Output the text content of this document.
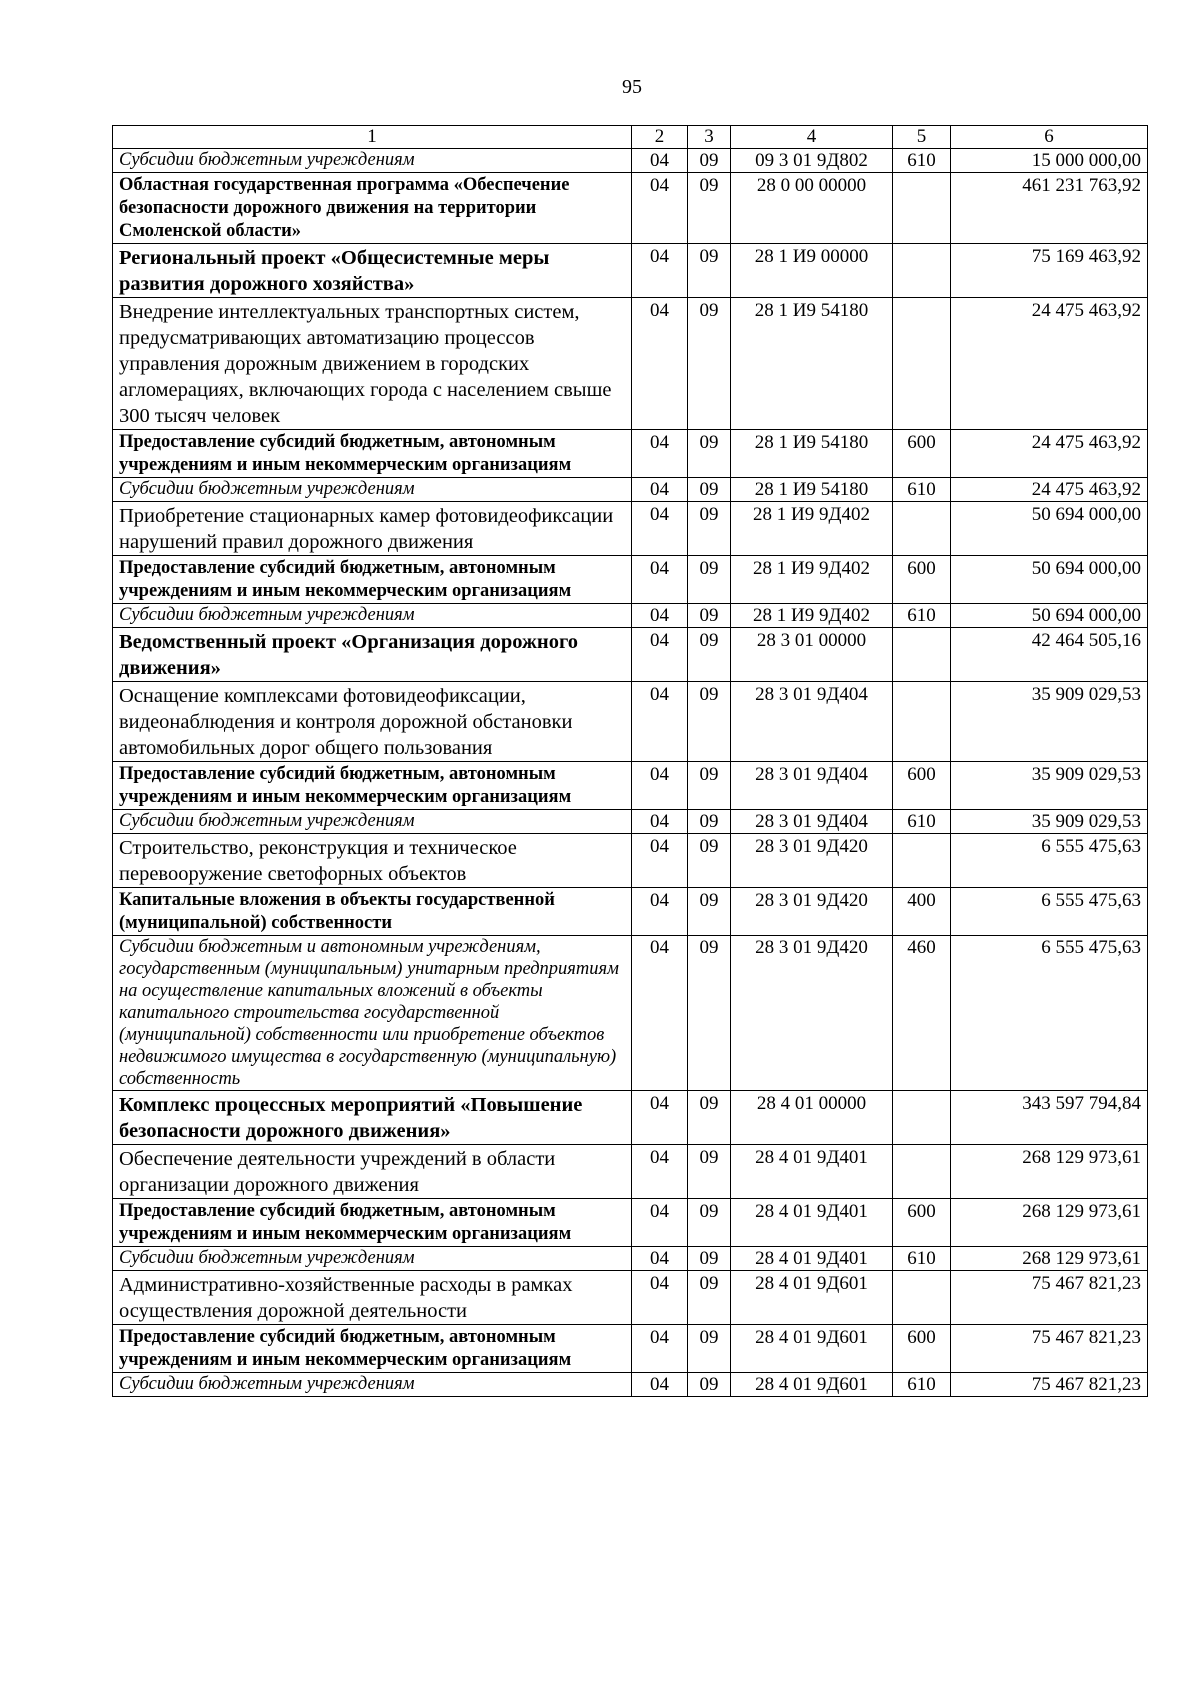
95
1	2	3	4	5	6
Субсидии бюджетным учреждениям	04	09	09 3 01 9Д802	610	15 000 000,00
Областная государственная программа «Обеспечение безопасности дорожного движения на территории Смоленской области»	04	09	28 0 00 00000		461 231 763,92
Региональный проект «Общесистемные меры развития дорожного хозяйства»	04	09	28 1 И9 00000		75 169 463,92
Внедрение интеллектуальных транспортных систем, предусматривающих автоматизацию процессов управления дорожным движением в городских агломерациях, включающих города с населением свыше 300 тысяч человек	04	09	28 1 И9 54180		24 475 463,92
Предоставление субсидий бюджетным, автономным учреждениям и иным некоммерческим организациям	04	09	28 1 И9 54180	600	24 475 463,92
Субсидии бюджетным учреждениям	04	09	28 1 И9 54180	610	24 475 463,92
Приобретение стационарных камер фотовидеофиксации нарушений правил дорожного движения	04	09	28 1 И9 9Д402		50 694 000,00
Предоставление субсидий бюджетным, автономным учреждениям и иным некоммерческим организациям	04	09	28 1 И9 9Д402	600	50 694 000,00
Субсидии бюджетным учреждениям	04	09	28 1 И9 9Д402	610	50 694 000,00
Ведомственный проект «Организация дорожного движения»	04	09	28 3 01 00000		42 464 505,16
Оснащение комплексами фотовидеофиксации, видеонаблюдения и контроля дорожной обстановки автомобильных дорог общего пользования	04	09	28 3 01 9Д404		35 909 029,53
Предоставление субсидий бюджетным, автономным учреждениям и иным некоммерческим организациям	04	09	28 3 01 9Д404	600	35 909 029,53
Субсидии бюджетным учреждениям	04	09	28 3 01 9Д404	610	35 909 029,53
Строительство, реконструкция и техническое перевооружение светофорных объектов	04	09	28 3 01 9Д420		6 555 475,63
Капитальные вложения в объекты государственной (муниципальной) собственности	04	09	28 3 01 9Д420	400	6 555 475,63
Субсидии бюджетным и автономным учреждениям, государственным (муниципальным) унитарным предприятиям на осуществление капитальных вложений в объекты капитального строительства государственной (муниципальной) собственности или приобретение объектов недвижимого имущества в государственную (муниципальную) собственность	04	09	28 3 01 9Д420	460	6 555 475,63
Комплекс процессных мероприятий «Повышение безопасности дорожного движения»	04	09	28 4 01 00000		343 597 794,84
Обеспечение деятельности учреждений в области организации дорожного движения	04	09	28 4 01 9Д401		268 129 973,61
Предоставление субсидий бюджетным, автономным учреждениям и иным некоммерческим организациям	04	09	28 4 01 9Д401	600	268 129 973,61
Субсидии бюджетным учреждениям	04	09	28 4 01 9Д401	610	268 129 973,61
Административно-хозяйственные расходы в рамках осуществления дорожной деятельности	04	09	28 4 01 9Д601		75 467 821,23
Предоставление субсидий бюджетным, автономным учреждениям и иным некоммерческим организациям	04	09	28 4 01 9Д601	600	75 467 821,23
Субсидии бюджетным учреждениям	04	09	28 4 01 9Д601	610	75 467 821,23
